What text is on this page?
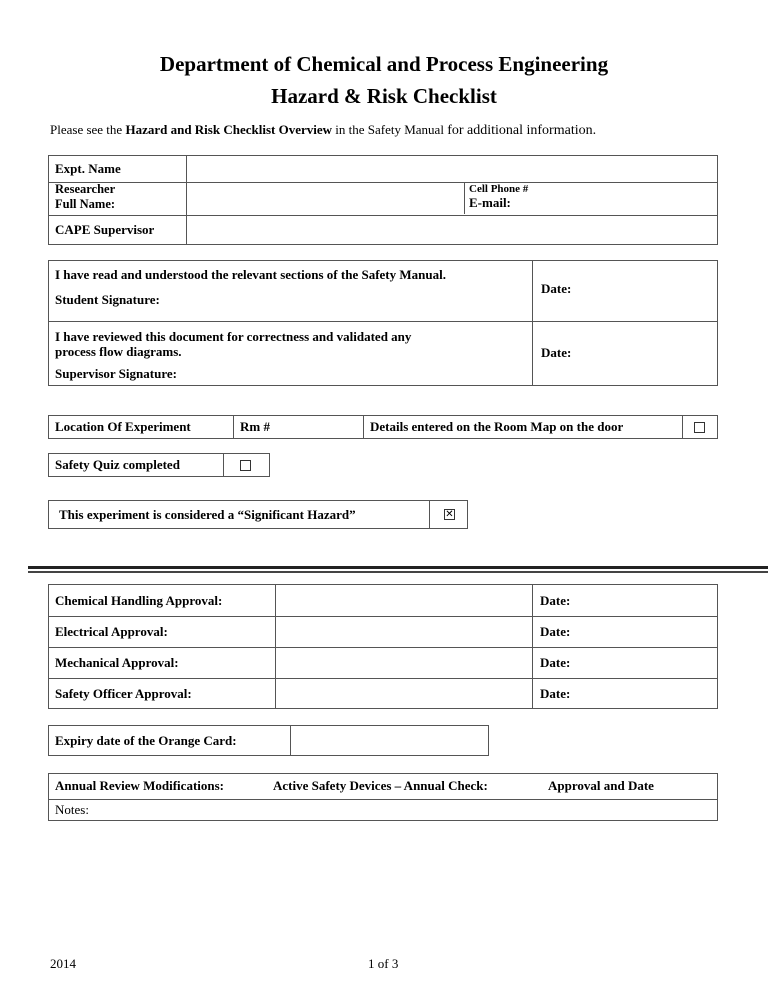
Department of Chemical and Process Engineering
Hazard & Risk Checklist
Please see the Hazard and Risk Checklist Overview in the Safety Manual for additional information.
Expt. Name
Researcher
Full Name:
Cell Phone #
E-mail:
CAPE Supervisor
I have read and understood the relevant sections of the Safety Manual.
Student Signature:
Date:
I have reviewed this document for correctness and validated any
process flow diagrams.
Supervisor Signature:
Date:
Location Of Experiment	Rm #	Details entered on the Room Map on the door
Safety Quiz completed
This experiment is considered a “Significant Hazard”	✕
Chemical Handling Approval:	Date:
Electrical Approval:	Date:
Mechanical Approval:	Date:
Safety Officer Approval:	Date:
Expiry date of the Orange Card:
Annual Review Modifications:	Active Safety Devices – Annual Check:	Approval and Date
Notes:
2014	1 of 3
